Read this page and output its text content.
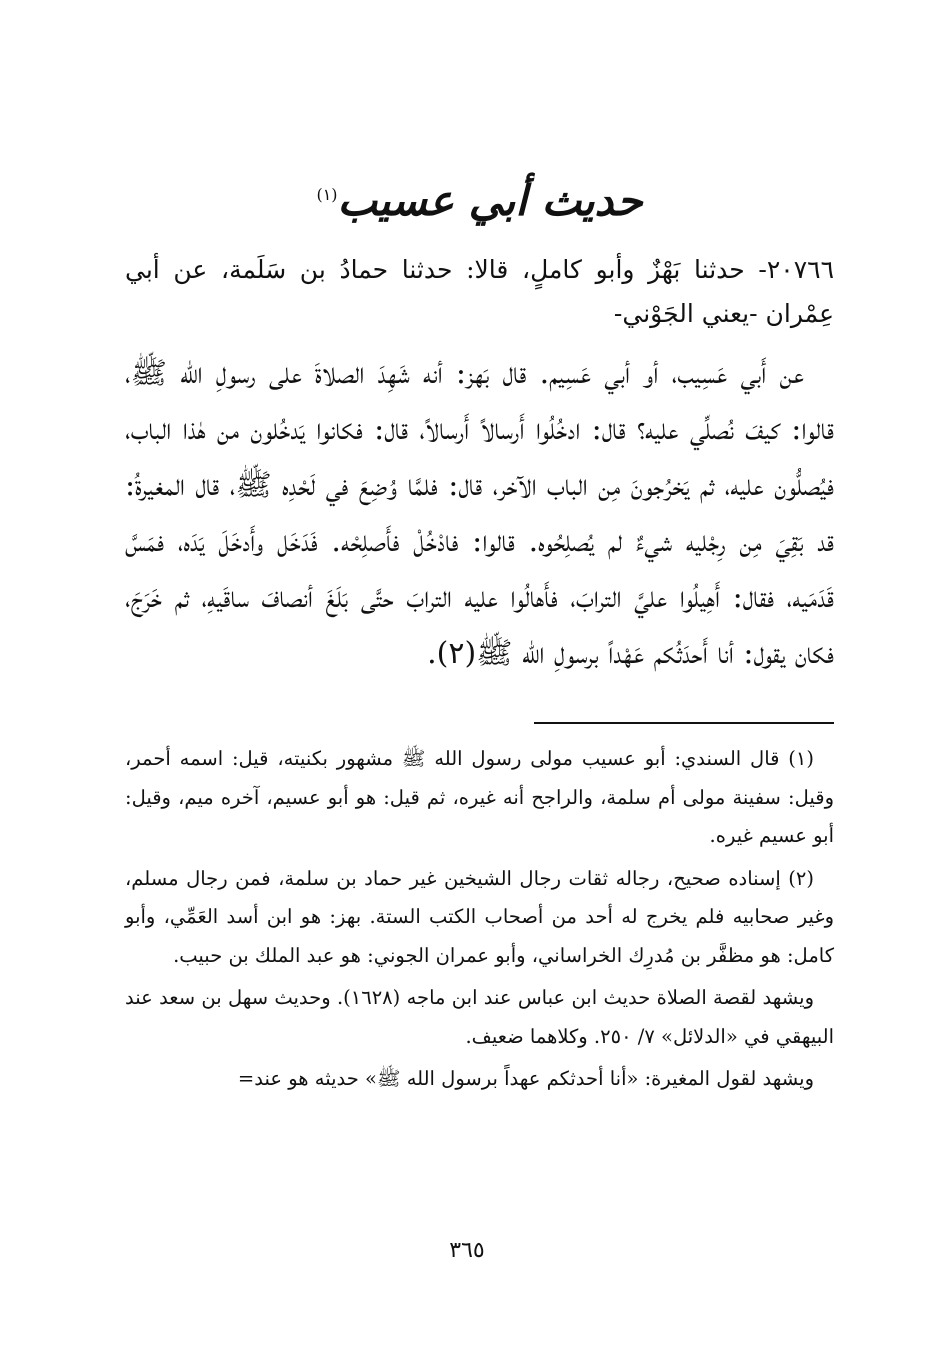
حديث أبي عسيب$^{(١)}$

٢٠٧٦٦- حدثنا بَهْزٌ وأبو كاملٍ، قالا: حدثنا حمادُ بن سَلَمة، عن أبي عِمْران -يعني الجَوْني-

عن أَبي عَسِيب، أو أبي عَسِيم. قال بَهز: أنه شَهِدَ الصلاةَ على رسولِ الله ﷺ، قالوا: كيفَ نُصلِّي عليه؟ قال: ادخُلُوا أَرسالاً أَرسالاً، قال: فكانوا يَدخُلون من هٰذا الباب، فيُصلُّون عليه، ثم يَخرُجونَ مِن الباب الآخر، قال: فلمَّا وُضِعَ في لَحْدِه ﷺ، قال المغيرةُ: قد بَقِيَ مِن رِجْليه شيءٌ لم يُصلِحُوه. قالوا: فادْخُلْ فأَصلِحْه. فَدَخَل وأَدخَلَ يَدَه، فمَسَّ قَدَمَيه، فقال: أَهِيلُوا عليَّ الترابَ، فأَهالُوا عليه الترابَ حتَّى بَلَغَ أنصافَ ساقَيهِ، ثم خَرَجَ، فكان يقول: أنا أَحدَثُكم عَهْداً برسولِ الله ﷺ(٢).

(١) قال السندي: أبو عسيب مولى رسول الله ﷺ مشهور بكنيته، قيل: اسمه أحمر، وقيل: سفينة مولى أم سلمة، والراجح أنه غيره، ثم قيل: هو أبو عسيم، آخره ميم، وقيل: أبو عسيم غيره.

(٢) إسناده صحيح، رجاله ثقات رجال الشيخين غير حماد بن سلمة، فمن رجال مسلم، وغير صحابيه فلم يخرج له أحد من أصحاب الكتب الستة. بهز: هو ابن أسد العَمِّي، وأبو كامل: هو مظفَّر بن مُدرِك الخراساني، وأبو عمران الجوني: هو عبد الملك بن حبيب.

ويشهد لقصة الصلاة حديث ابن عباس عند ابن ماجه (١٦٢٨). وحديث سهل بن سعد عند البيهقي في «الدلائل» ٧/ ٢٥٠. وكلاهما ضعيف.

ويشهد لقول المغيرة: «أنا أحدثكم عهداً برسول الله ﷺ» حديثه هو عند=

٣٦٥
